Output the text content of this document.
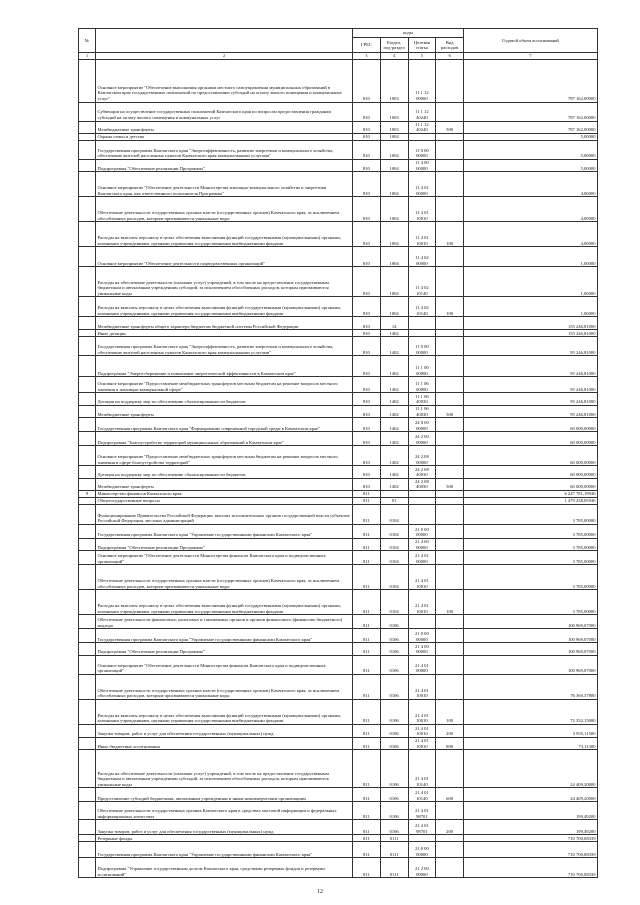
№		коды				Годовой объем ассигнований
		ГРБС	Раздел, под-раздел	Целевая статья	Вид расходов	
1	2	3	4	5	6	7
	Основное мероприятие "Обеспечение выполнения органами местного самоуправления муниципальных образований в Камчатском крае государственных полномочий по предоставлению субсидий на оплату жилого помещения и коммунальных услуг"	810	1003	11 1 12 00000		787 162,00000
	Субвенции на осуществление государственных полномочий Камчатского края по вопросам предоставления гражданам субсидий на оплату жилого помещения и коммунальных услуг	810	1003	11 1 12 40240		787 162,00000
	Межбюджетные трансферты	810	1003	11 1 12 40240	500	787 162,00000
	Охрана семьи и детства	810	1004			5,00000
	Государственная программа Камчатского края "Энергоэффективность, развитие энергетики и коммунального хозяйства, обеспечение жителей населенных пунктов Камчатского края коммунальными услугами"	810	1004	11 0 00 00000		5,00000
	Подпрограмма "Обеспечение реализации Программы"	810	1004	11 4 00 00000		5,00000
	Основное мероприятие "Обеспечение деятельности Министерства жилищно-коммунального хозяйства и энергетики Камчатского края, как ответственного исполнителя Программы"	810	1004	11 4 01 00000		4,00000
	Обеспечение деятельности государственных органов власти (государственных органов) Камчатского края, за исключением обособленных расходов, которым присваиваются уникальные коды	810	1004	11 4 01 10010		4,00000
	Расходы на выплаты персоналу в целях обеспечения выполнения функций государственными (муниципальными) органами, казенными учреждениями, органами управления государственными внебюджетными фондами	810	1004	11 4 01 10010	100	4,00000
	Основное мероприятие "Обеспечение деятельности подведомственных организаций"	810	1004	11 4 02 00000		1,00000
	Расходы на обеспечение деятельности (оказание услуг) учреждений, в том числе на предоставление государственным бюджетным и автономным учреждениям субсидий, за исключением обособленных расходов, которым присваиваются уникальные коды	810	1004	11 4 02 10140		1,00000
	Расходы на выплаты персоналу в целях обеспечения выполнения функций государственными (муниципальными) органами, казенными учреждениями, органами управления государственными внебюджетными фондами	810	1004	11 4 02 10140	100	1,00000
	Межбюджетные трансферты общего характера бюджетам бюджетной системы Российской Федерации	810	14			155 246,81000
	Иные дотации	810	1402			155 246,81000
	Государственная программа Камчатского края "Энергоэффективность, развитие энергетики и коммунального хозяйства, обеспечение жителей населенных пунктов Камчатского края коммунальными услугами"	810	1402	11 0 00 00000		95 246,81000
	Подпрограмма "Энергосбережение и повышение энергетической эффективности в Камчатском крае"	810	1402	11 1 00 00000		95 246,81000
	Основное мероприятие "Предоставление межбюджетных трансфертов местным бюджетам на решение вопросов местного значения в жилищно-коммунальной сфере"	810	1402	11 1 06 00000		95 246,81000
	Дотация на поддержку мер по обеспечению сбалансированности бюджетов	810	1402	11 1 06 40030		95 246,81000
	Межбюджетные трансферты	810	1402	11 1 06 40030	500	95 246,81000
	Государственная программа Камчатского края "Формирование современной городской среды в Камчатском крае"	810	1402	24 0 00 00000		60 000,00000
	Подпрограмма "Благоустройство территорий муниципальных образований в Камчатском крае"	810	1402	24 2 00 00000		60 000,00000
	Основное мероприятие "Предоставление межбюджетных трансфертов местным бюджетам на решение вопросов местного значения в сфере благоустройства территорий"	810	1402	24 2 08 00000		60 000,00000
	Дотация на поддержку мер по обеспечению сбалансированности бюджетов	810	1402	24 2 08 40030		60 000,00000
	Межбюджетные трансферты	810	1402	24 2 08 40030	500	60 000,00000
9	Министерство финансов Камчатского края	811				6 247 781,19946
	Общегосударственные вопросы	811	01			1 479 238,05946
	Функционирование Правительства Российской Федерации, высших исполнительных органов государственной власти субъектов Российской Федерации, местных администраций	811	0104			3 785,00000
	Государственная программа Камчатского края "Управление государственными финансами Камчатского края"	811	0104	21 0 00 00000		3 785,00000
	Подпрограмма "Обеспечение реализации Программы"	811	0104	21 4 00 00000		3 785,00000
	Основное мероприятие "Обеспечение деятельности Министерства финансов Камчатского края и подведомственных организаций"	811	0104	21 4 01 00000		3 785,00000
	Обеспечение деятельности государственных органов власти (государственных органов) Камчатского края, за исключением обособленных расходов, которым присваиваются уникальные коды	811	0104	21 4 01 10010		3 785,00000
	Расходы на выплаты персоналу в целях обеспечения выполнения функций государственными (муниципальными) органами, казенными учреждениями, органами управления государственными внебюджетными фондами	811	0104	21 4 01 10010	100	3 785,00000
	Обеспечение деятельности финансовых, налоговых и таможенных органов и органов финансового (финансово-бюджетного) надзора	811	0106			100 969,07000
	Государственная программа Камчатского края "Управление государственными финансами Камчатского края"	811	0106	21 0 00 00000		100 969,07000
	Подпрограмма "Обеспечение реализации Программы"	811	0106	21 4 00 00000		100 969,07000
	Основное мероприятие "Обеспечение деятельности Министерства финансов Камчатского края и подведомственных организаций"	811	0106	21 4 01 00000		100 969,07000
	Обеспечение деятельности государственных органов власти (государственных органов) Камчатского края, за исключением обособленных расходов, которым присваиваются уникальные коды	811	0106	21 4 01 10010		76 360,37800
	Расходы на выплаты персоналу в целях обеспечения выполнения функций государственными (муниципальными) органами, казенными учреждениями, органами управления государственными внебюджетными фондами	811	0106	21 4 01 10010	100	72 352,15000
	Закупка товаров, работ и услуг для обеспечения государственных (муниципальных) нужд	811	0106	21 4 01 10010	200	3 935,11500
	Иные бюджетные ассигнования	811	0106	21 4 01 10010	800	73,11300
	Расходы на обеспечение деятельности (оказание услуг) учреждений, в том числе на предоставление государственным бюджетным и автономным учреждениям субсидий, за исключением обособленных расходов, которым присваиваются уникальные коды	811	0106	21 4 01 10140		24 409,20000
	Предоставление субсидий бюджетным, автономным учреждениям и иным некоммерческим организациям	811	0106	21 4 01 10140	600	24 409,20000
	Обеспечение деятельности государственных органов Камчатского края в средствах массовой информации и федеральных информационных агентствах	811	0106	21 4 01 98701		199,49200
	Закупка товаров, работ и услуг для обеспечения государственных (муниципальных) нужд	811	0106	21 4 01 98701	200	199,49200
	Резервные фонды	811	0111			710 700,08339
	Государственная программа Камчатского края "Управление государственными финансами Камчатского края"	811	0111	21 0 00 00000		710 700,08339
	Подпрограмма "Управление государственным долгом Камчатского края, средствами резервных фондов и резервами ассигнований"	811	0111	21 2 00 00000		710 700,08339
12
